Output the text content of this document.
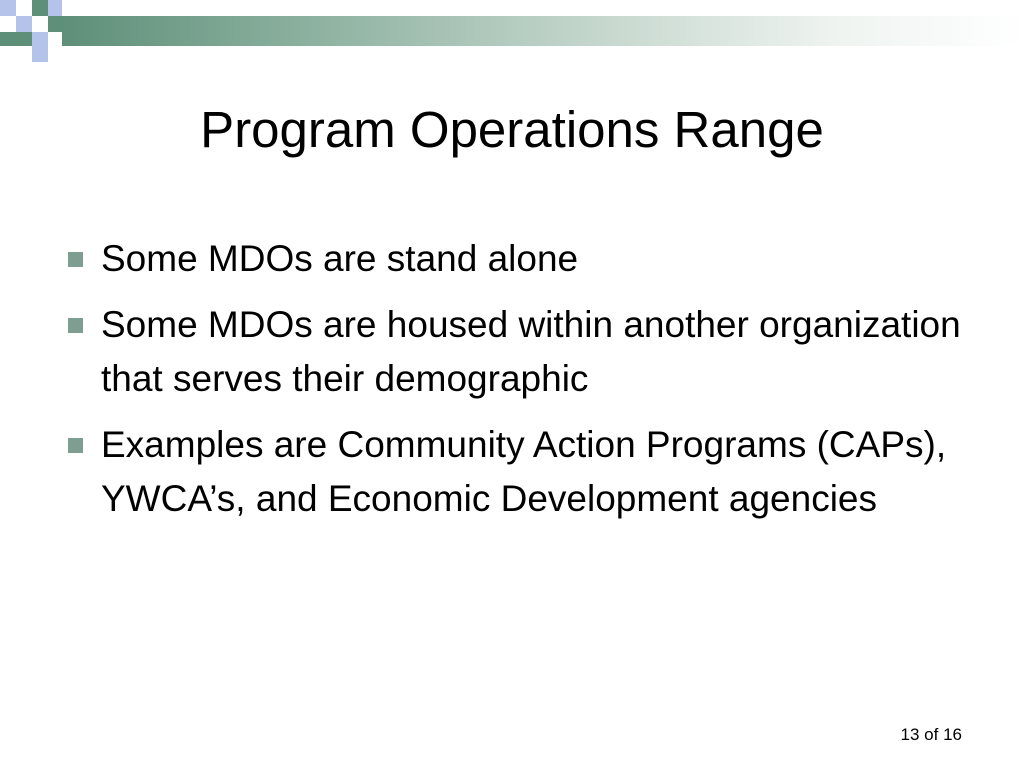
Program Operations Range
Some MDOs are stand alone
Some MDOs are housed within another organization that serves their demographic
Examples are Community Action Programs (CAPs), YWCA’s, and Economic Development agencies
13 of 16
